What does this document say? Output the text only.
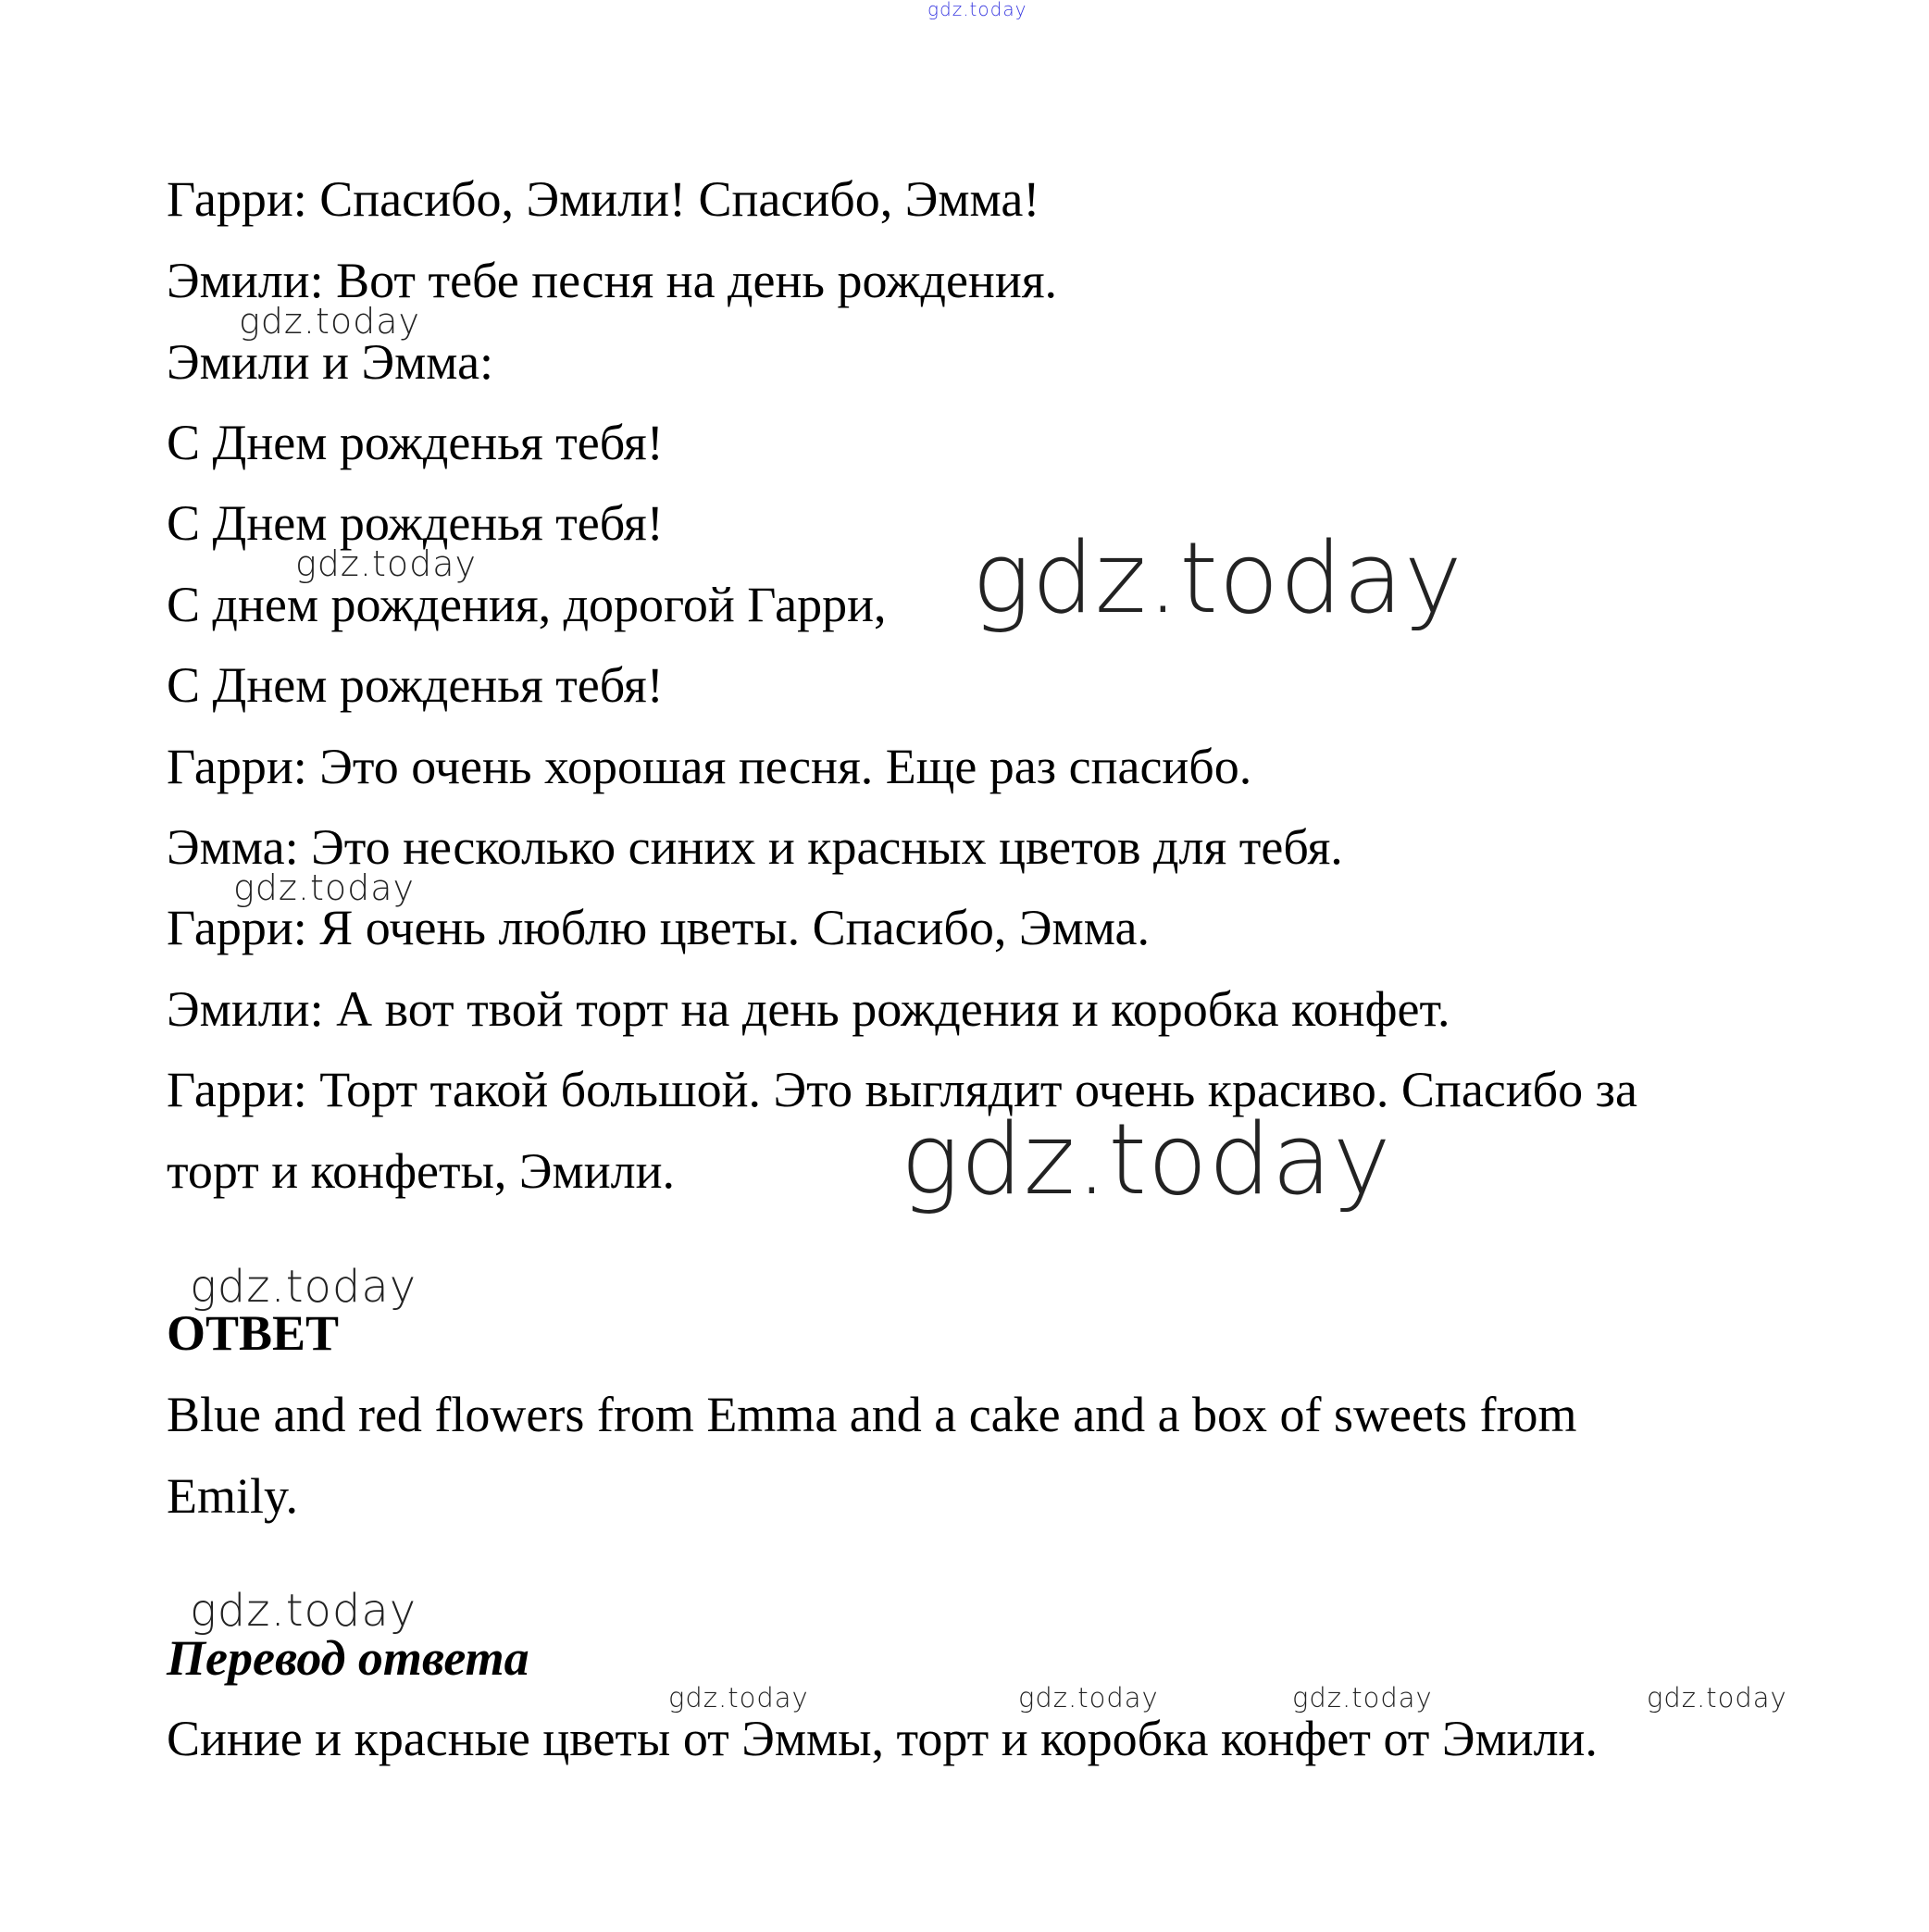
gdz.today
Гарри: Спасибо, Эмили! Спасибо, Эмма!
Эмили: Вот тебе песня на день рождения.
Эмили и Эмма:
С Днем рожденья тебя!
С Днем рожденья тебя!
С днем рождения, дорогой Гарри,
С Днем рожденья тебя!
Гарри: Это очень хорошая песня. Еще раз спасибо.
Эмма: Это несколько синих и красных цветов для тебя.
Гарри: Я очень люблю цветы. Спасибо, Эмма.
Эмили: А вот твой торт на день рождения и коробка конфет.
Гарри: Торт такой большой. Это выглядит очень красиво. Спасибо за
торт и конфеты, Эмили.
ОТВЕТ
Blue and red flowers from Emma and a cake and a box of sweets from
Emily.
Перевод ответа
Синие и красные цветы от Эммы, торт и коробка конфет от Эмили.
gdz.today
gdz.today
gdz.today
gdz.today
gdz.today
gdz.today
gdz.today
gdz.today	gdz.today	gdz.today	gdz.today
